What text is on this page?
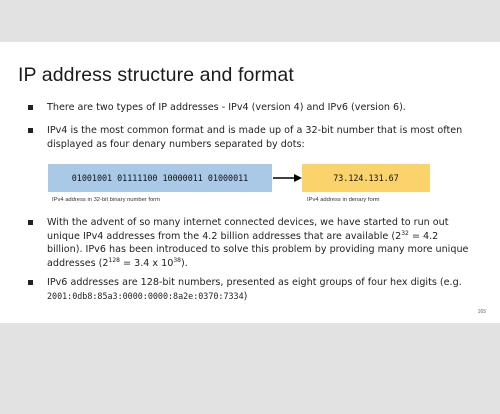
IP address structure and format
There are two types of IP addresses - IPv4 (version 4) and IPv6 (version 6).
IPv4 is the most common format and is made up of a 32-bit number that is most often displayed as four denary numbers separated by dots:
01001001 01111100 10000011 01000011	73.124.131.67
IPv4 address in 32-bit binary number form	IPv4 address in denary form
With the advent of so many internet connected devices, we have started to run out unique IPv4 addresses from the 4.2 billion addresses that are available ($2^{32} = 4.2$ billion). IPv6 has been introduced to solve this problem by providing many more unique addresses ($2^{128} = 3.4$ x $10^{38}$).
IPv6 addresses are 128-bit numbers, presented as eight groups of four hex digits (e.g. 2001:0db8:85a3:0000:0000:8a2e:0370:7334)
165
